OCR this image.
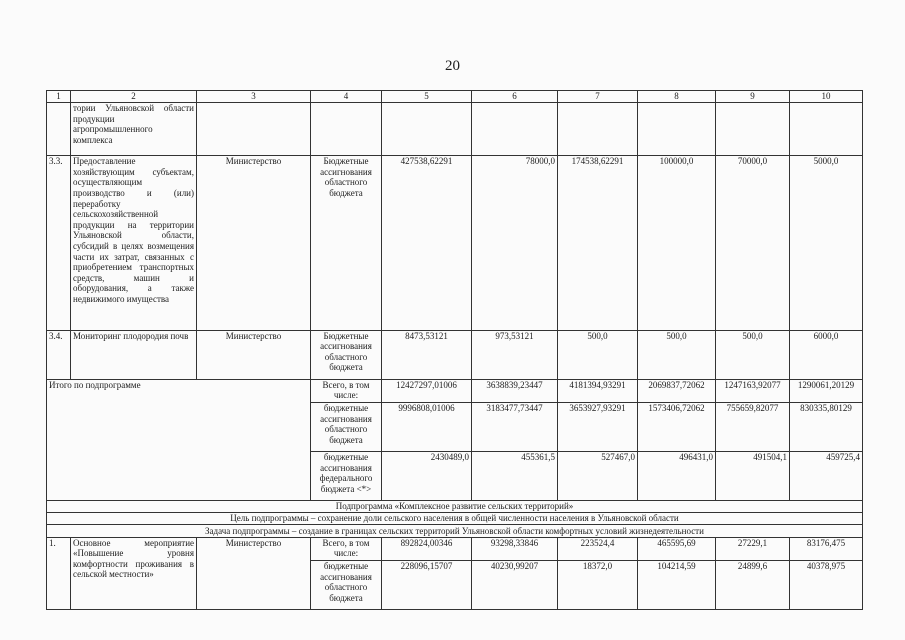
20
1	2	3	4	5	6	7	8	9	10
	тории Ульяновской области продукции агропромышленного комплекса								
3.3.	Предоставление хозяйствующим субъектам, осуществляющим производство и (или) переработку сельскохозяйственной продукции на территории Ульяновской области, субсидий в целях возмещения части их затрат, связанных с приобретением транспортных средств, машин и оборудования, а также недвижимого имущества	Министерство	Бюджетные ассигнования областного бюджета	427538,62291	78000,0	174538,62291	100000,0	70000,0	5000,0
3.4.	Мониторинг плодородия почв	Министерство	Бюджетные ассигнования областного бюджета	8473,53121	973,53121	500,0	500,0	500,0	6000,0
Итого по подпрограмме			Всего, в том числе:	12427297,01006	3638839,23447	4181394,93291	2069837,72062	1247163,92077	1290061,20129
			бюджетные ассигнования областного бюджета	9996808,01006	3183477,73447	3653927,93291	1573406,72062	755659,82077	830335,80129
			бюджетные ассигнования федерального бюджета <*>	2430489,0	455361,5	527467,0	496431,0	491504,1	459725,4
Подпрограмма «Комплексное развитие сельских территорий»									
Цель подпрограммы – сохранение доли сельского населения в общей численности населения в Ульяновской области									
Задача подпрограммы – создание в границах сельских территорий Ульяновской области комфортных условий жизнедеятельности									
1.	Основное мероприятие «Повышение уровня комфортности проживания в сельской местности»	Министерство	Всего, в том числе:	892824,00346	93298,33846	223524,4	465595,69	27229,1	83176,475
			бюджетные ассигнования областного бюджета	228096,15707	40230,99207	18372,0	104214,59	24899,6	40378,975
